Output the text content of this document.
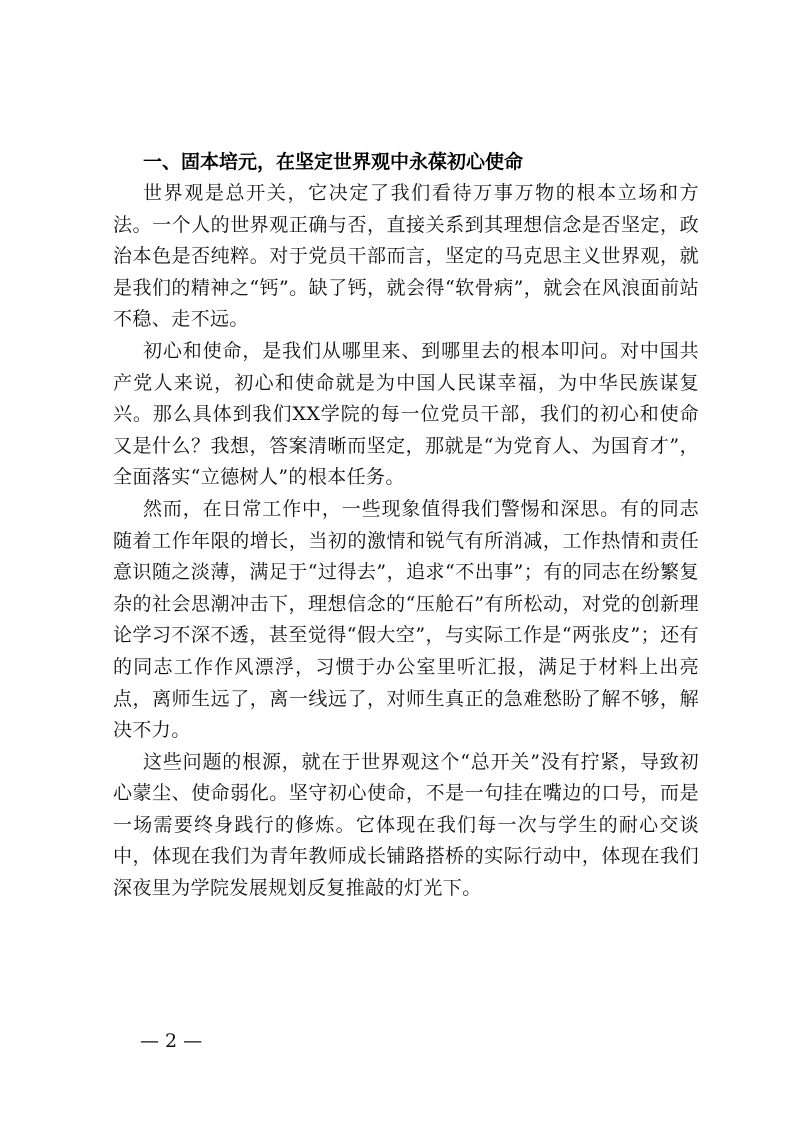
一、固本培元，在坚定世界观中永葆初心使命

世界观是总开关，它决定了我们看待万事万物的根本立场和方法。一个人的世界观正确与否，直接关系到其理想信念是否坚定，政治本色是否纯粹。对于党员干部而言，坚定的马克思主义世界观，就是我们的精神之“钙”。缺了钙，就会得“软骨病”，就会在风浪面前站不稳、走不远。

初心和使命，是我们从哪里来、到哪里去的根本叩问。对中国共产党人来说，初心和使命就是为中国人民谋幸福，为中华民族谋复兴。那么具体到我们XX学院的每一位党员干部，我们的初心和使命又是什么？我想，答案清晰而坚定，那就是“为党育人、为国育才”，全面落实“立德树人”的根本任务。

然而，在日常工作中，一些现象值得我们警惕和深思。有的同志随着工作年限的增长，当初的激情和锐气有所消减，工作热情和责任意识随之淡薄，满足于“过得去”，追求“不出事”；有的同志在纷繁复杂的社会思潮冲击下，理想信念的“压舱石”有所松动，对党的创新理论学习不深不透，甚至觉得“假大空”，与实际工作是“两张皮”；还有的同志工作作风漂浮，习惯于办公室里听汇报，满足于材料上出亮点，离师生远了，离一线远了，对师生真正的急难愁盼了解不够，解决不力。

这些问题的根源，就在于世界观这个“总开关”没有拧紧，导致初心蒙尘、使命弱化。坚守初心使命，不是一句挂在嘴边的口号，而是一场需要终身践行的修炼。它体现在我们每一次与学生的耐心交谈中，体现在我们为青年教师成长铺路搭桥的实际行动中，体现在我们深夜里为学院发展规划反复推敲的灯光下。

— 2 —
